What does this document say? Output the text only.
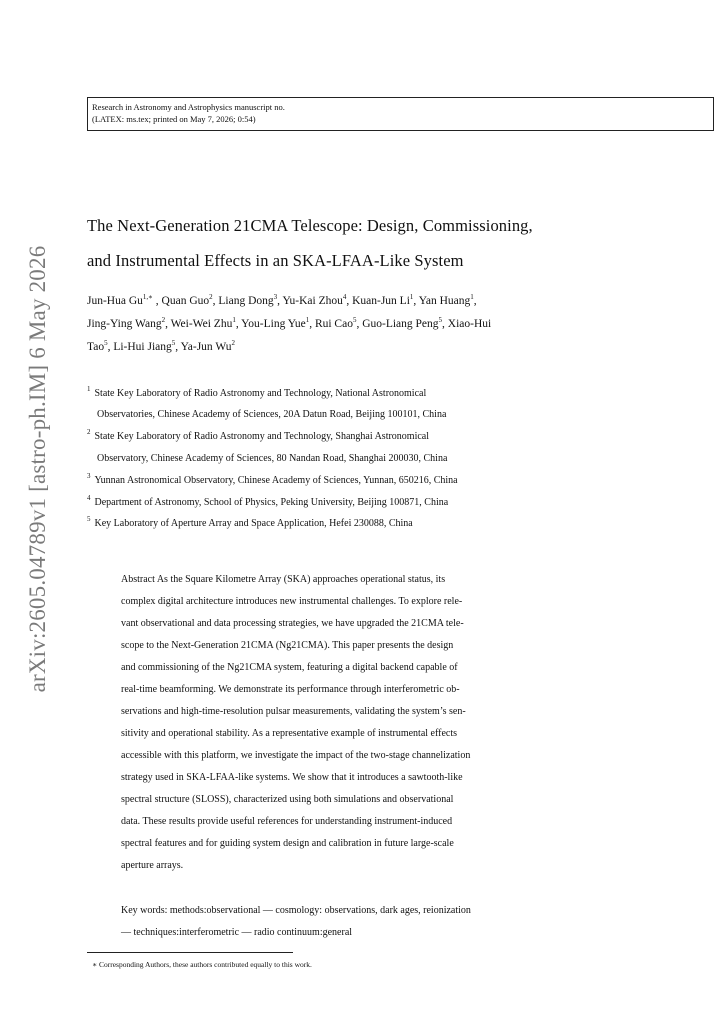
Research in Astronomy and Astrophysics manuscript no.
(LATEX: ms.tex; printed on May 7, 2026; 0:54)
arXiv:2605.04789v1 [astro-ph.IM] 6 May 2026
The Next-Generation 21CMA Telescope: Design, Commissioning,
and Instrumental Effects in an SKA-LFAA-Like System
Jun-Hua $Gu^{1,∗}$ , Quan Guo$^2$, Liang Dong$^3$, Yu-Kai Zhou$^4$, Kuan-Jun Li$^1$, Yan Huang$^1$,
Jing-Ying Wang$^2$, Wei-Wei Zhu$^1$, You-Ling Yue$^1$, Rui Cao$^5$, Guo-Liang Peng$^5$, Xiao-Hui
Tao$^5$, Li-Hui Jiang$^5$, Ya-Jun Wu$^2$
$^1$ State Key Laboratory of Radio Astronomy and Technology, National Astronomical
Observatories, Chinese Academy of Sciences, 20A Datun Road, Beijing 100101, China
$^2$ State Key Laboratory of Radio Astronomy and Technology, Shanghai Astronomical
Observatory, Chinese Academy of Sciences, 80 Nandan Road, Shanghai 200030, China
$^3$ Yunnan Astronomical Observatory, Chinese Academy of Sciences, Yunnan, 650216, China
$^4$ Department of Astronomy, School of Physics, Peking University, Beijing 100871, China
$^5$ Key Laboratory of Aperture Array and Space Application, Hefei 230088, China
Abstract As the Square Kilometre Array (SKA) approaches operational status, its
complex digital architecture introduces new instrumental challenges. To explore rele-
vant observational and data processing strategies, we have upgraded the 21CMA tele-
scope to the Next-Generation 21CMA (Ng21CMA). This paper presents the design
and commissioning of the Ng21CMA system, featuring a digital backend capable of
real-time beamforming. We demonstrate its performance through interferometric ob-
servations and high-time-resolution pulsar measurements, validating the system’s sen-
sitivity and operational stability. As a representative example of instrumental effects
accessible with this platform, we investigate the impact of the two-stage channelization
strategy used in SKA-LFAA-like systems. We show that it introduces a sawtooth-like
spectral structure (SLOSS), characterized using both simulations and observational
data. These results provide useful references for understanding instrument-induced
spectral features and for guiding system design and calibration in future large-scale
aperture arrays.
Key words: methods:observational — cosmology: observations, dark ages, reionization
— techniques:interferometric — radio continuum:general
∗ Corresponding Authors, these authors contributed equally to this work.
